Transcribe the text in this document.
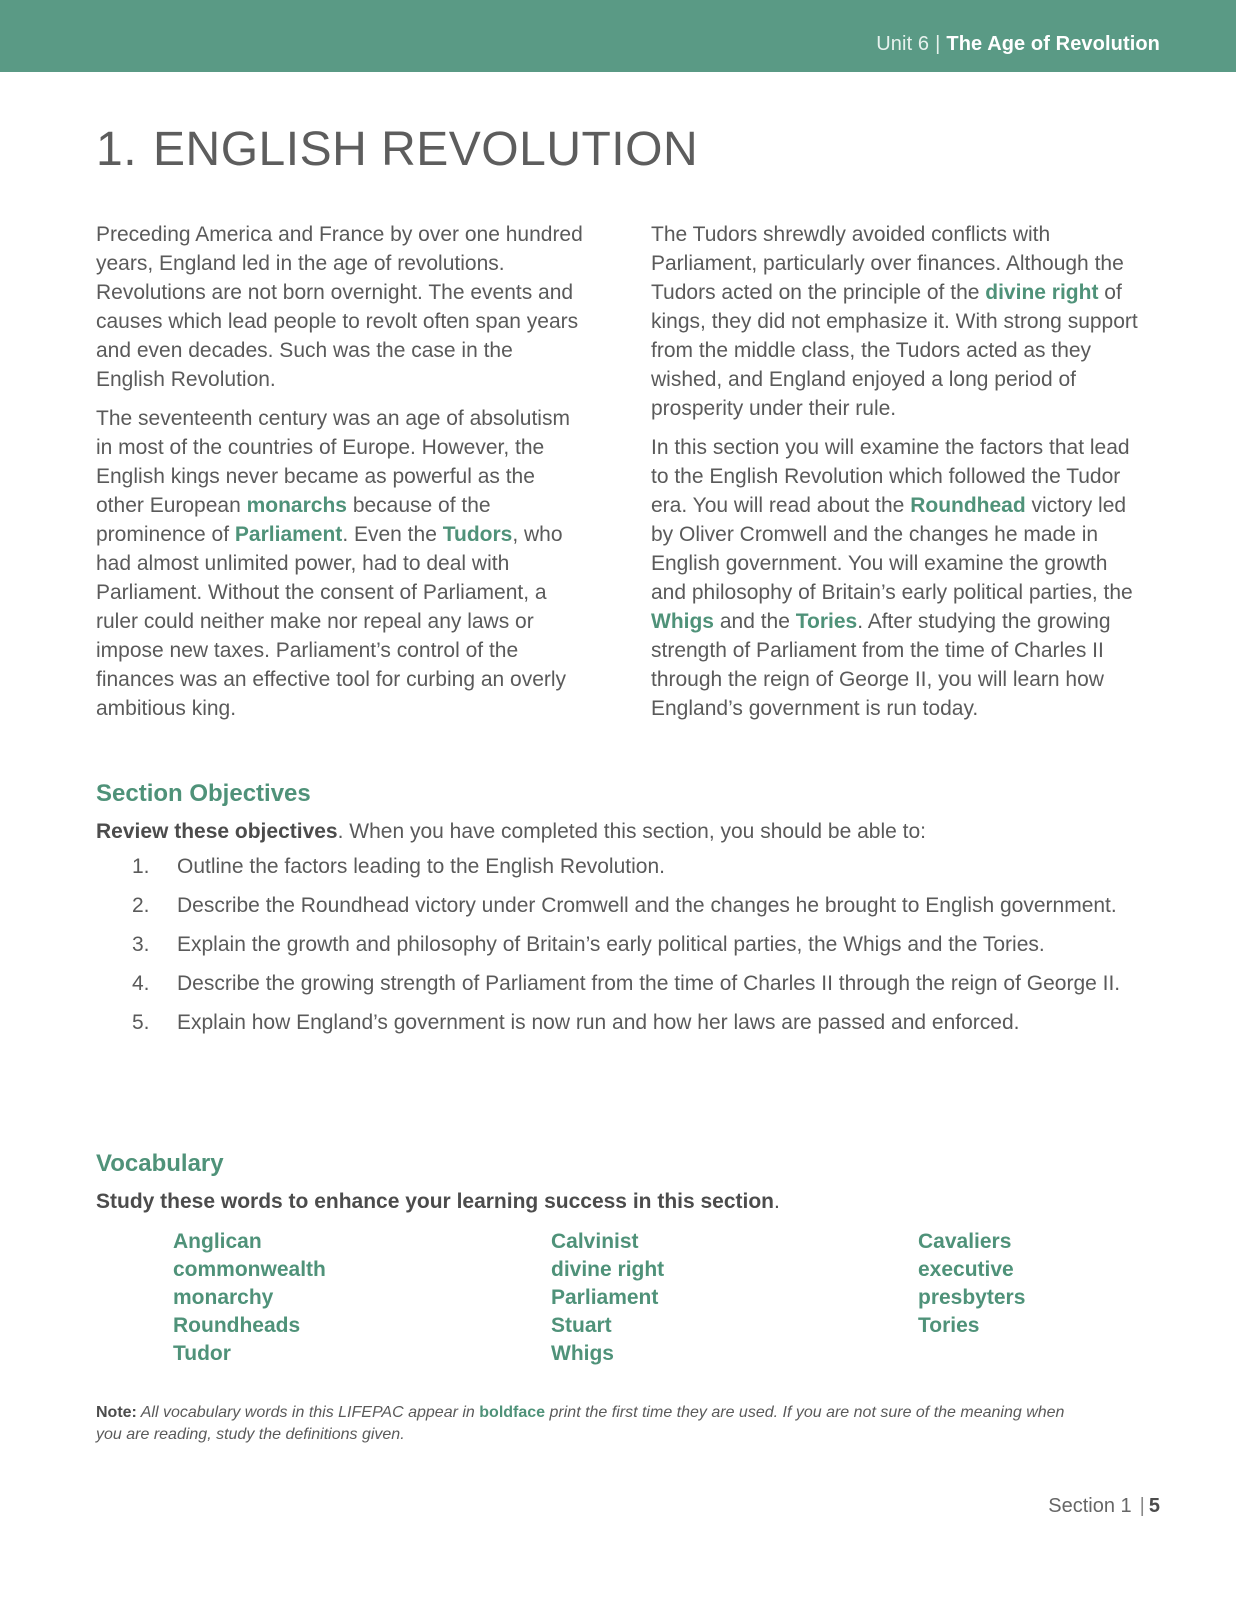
Unit 6 | The Age of Revolution
1. ENGLISH REVOLUTION

Preceding America and France by over one hundred years, England led in the age of revolutions. Revolutions are not born overnight. The events and causes which lead people to revolt often span years and even decades. Such was the case in the English Revolution.

The seventeenth century was an age of absolutism in most of the countries of Europe. However, the English kings never became as powerful as the other European monarchs because of the prominence of Parliament. Even the Tudors, who had almost unlimited power, had to deal with Parliament. Without the consent of Parliament, a ruler could neither make nor repeal any laws or impose new taxes. Parliament’s control of the finances was an effective tool for curbing an overly ambitious king.

The Tudors shrewdly avoided conflicts with Parliament, particularly over finances. Although the Tudors acted on the principle of the divine right of kings, they did not emphasize it. With strong support from the middle class, the Tudors acted as they wished, and England enjoyed a long period of prosperity under their rule.

In this section you will examine the factors that lead to the English Revolution which followed the Tudor era. You will read about the Roundhead victory led by Oliver Cromwell and the changes he made in English government. You will examine the growth and philosophy of Britain’s early political parties, the Whigs and the Tories. After studying the growing strength of Parliament from the time of Charles II through the reign of George II, you will learn how England’s government is run today.

Section Objectives
Review these objectives. When you have completed this section, you should be able to:
1.	Outline the factors leading to the English Revolution.
2.	Describe the Roundhead victory under Cromwell and the changes he brought to English government.
3.	Explain the growth and philosophy of Britain’s early political parties, the Whigs and the Tories.
4.	Describe the growing strength of Parliament from the time of Charles II through the reign of George II.
5.	Explain how England’s government is now run and how her laws are passed and enforced.
Vocabulary
Study these words to enhance your learning success in this section.
Anglican
commonwealth
monarchy
Roundheads
Tudor
Calvinist
divine right
Parliament
Stuart
Whigs
Cavaliers
executive
presbyters
Tories
Note: All vocabulary words in this LIFEPAC appear in boldface print the first time they are used. If you are not sure of the meaning when you are reading, study the definitions given.
Section 1 | 5
